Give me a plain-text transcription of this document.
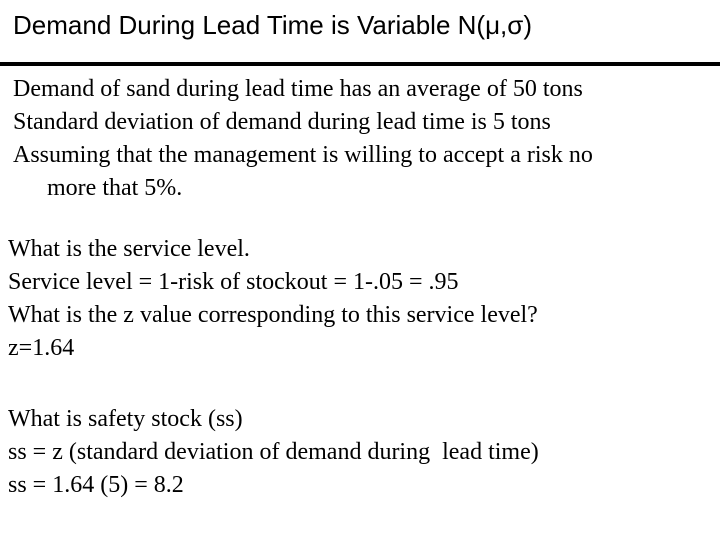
Demand During Lead Time is Variable N(μ,σ)
Demand of sand during lead time has an average of 50 tons
Standard deviation of demand during lead time is 5 tons
Assuming that the management is willing to accept a risk no
more that 5%.
What is the service level.
Service level = 1-risk of stockout = 1-.05 = .95
What is the z value corresponding to this service level?
z=1.64
What is safety stock (ss)
ss = z (standard deviation of demand during  lead time)
ss = 1.64 (5) = 8.2
